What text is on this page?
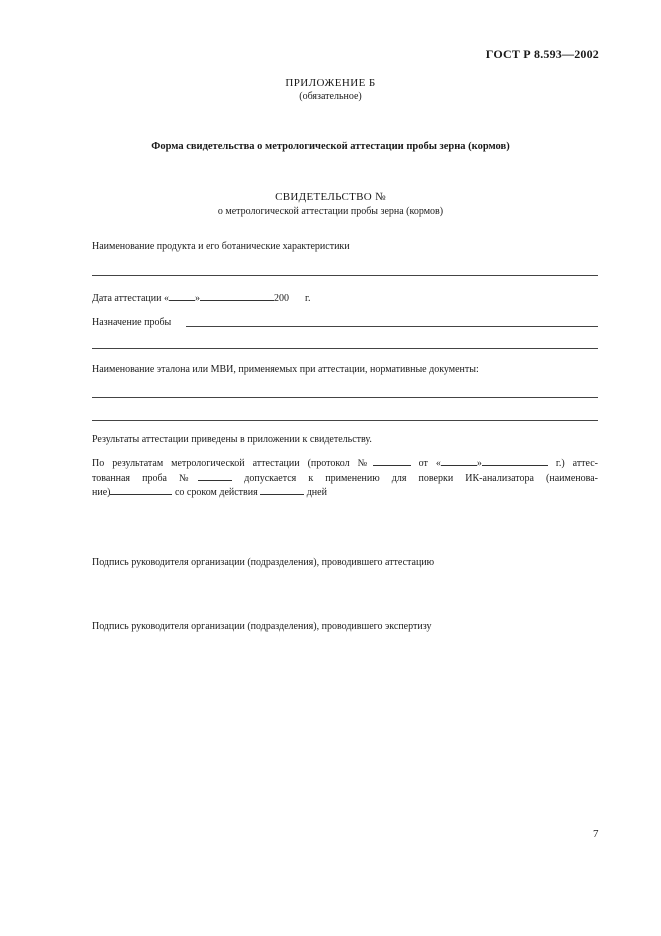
ГОСТ Р 8.593—2002
ПРИЛОЖЕНИЕ Б
(обязательное)
Форма свидетельства о метрологической аттестации пробы зерна (кормов)
СВИДЕТЕЛЬСТВО №
о метрологической аттестации пробы зерна (кормов)
Наименование продукта и его ботанические характеристики
Дата аттестации «	»	200 г.
Назначение пробы
Наименование эталона или МВИ, применяемых при аттестации, нормативные документы:
Результаты аттестации приведены в приложении к свидетельству.
По результатам метрологической аттестации (протокол №	от «	»	г.) аттес-
тованная проба №	допускается к применению для поверки ИК-анализатора (наименова-
ние)	со сроком действия	дней
Подпись руководителя организации (подразделения), проводившего аттестацию
Подпись руководителя организации (подразделения), проводившего экспертизу
7
